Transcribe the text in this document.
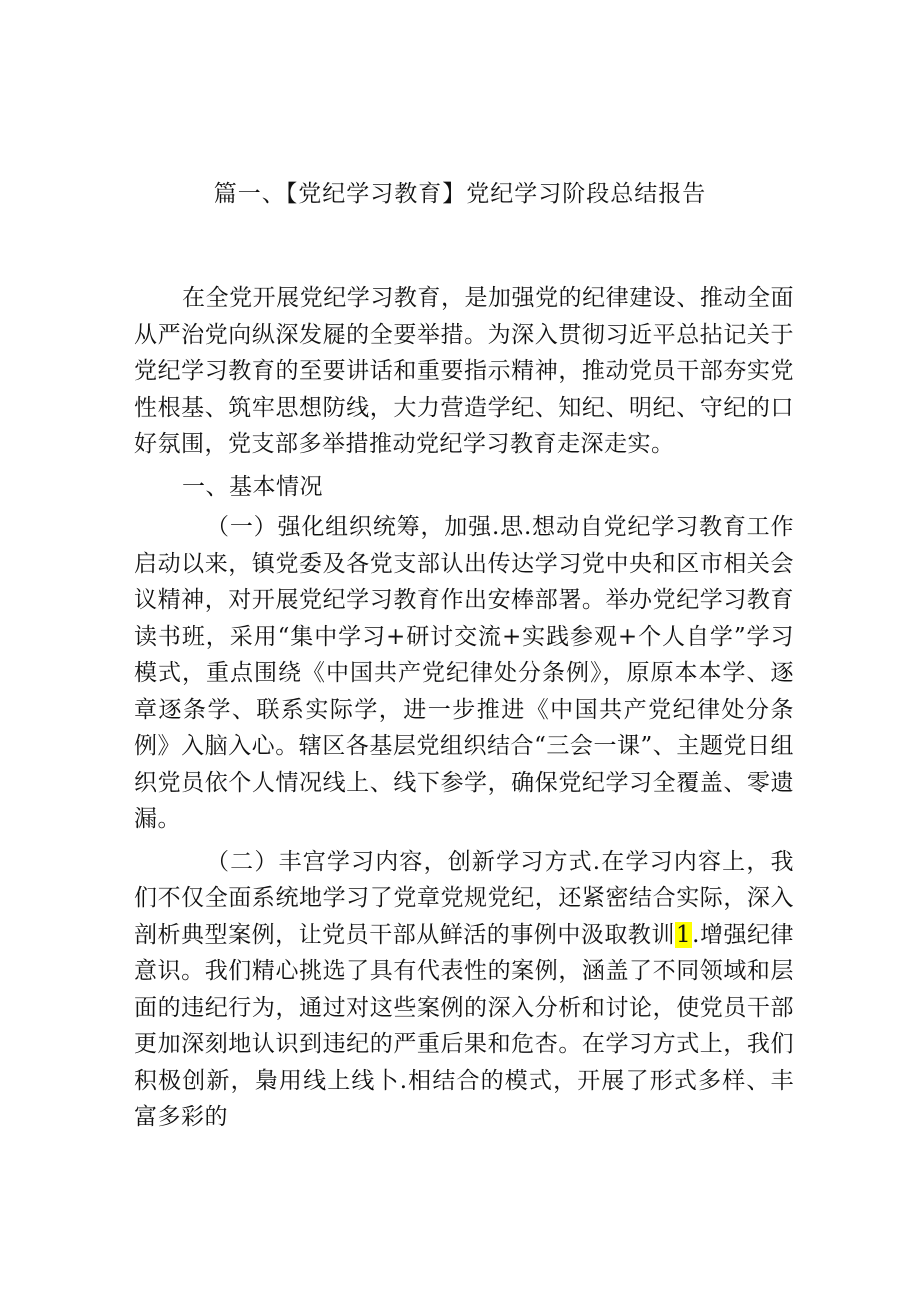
篇一、【党纪学习教育】党纪学习阶段总结报告

在全党开展党纪学习教育，是加强党的纪律建设、推动全面从严治党向纵深发屣的全要举措。为深入贯彻习近平总拈记关于党纪学习教育的至要讲话和重要指示精神，推动党员干部夯实党性根基、筑牢思想防线，大力营造学纪、知纪、明纪、守纪的口好氛围，党支部多举措推动党纪学习教育走深走实。

一、基本情况

（一）强化组织统筹，加强.思.想动自党纪学习教育工作启动以来，镇党委及各党支部认出传达学习党中央和区市相关会议精神，对开展党纪学习教育作出安棒部署。举办党纪学习教育读书班，采用“集中学习+研讨交流+实践参观+个人自学”学习模式，重点围绕《中国共产党纪律处分条例》，原原本本学、逐章逐条学、联系实际学，进一步推进《中国共产党纪律处分条例》入脑入心。辖区各基层党组织结合“三会一课”、主题党日组织党员依个人情况线上、线下参学，确保党纪学习全覆盖、零遗漏。

（二）丰宫学习内容，创新学习方式.在学习内容上，我们不仅全面系统地学习了党章党规党纪，还紧密结合实际，深入剖析典型案例，让党员干部从鲜活的事例中汲取教训1.增强纪律意识。我们精心挑选了具有代表性的案例，涵盖了不同领域和层面的违纪行为，通过对这些案例的深入分析和讨论，使党员干部更加深刻地认识到违纪的严重后果和危杏。在学习方式上，我们积极创新，梟用线上线卜.相结合的模式，开展了形式多样、丰富多彩的
